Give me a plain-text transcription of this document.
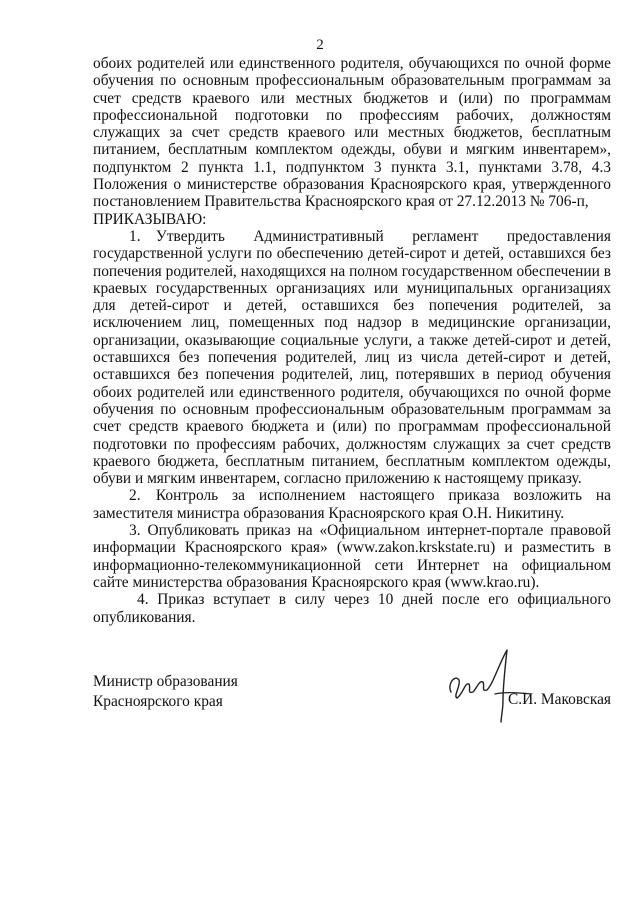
2

обоих родителей или единственного родителя, обучающихся по очной форме обучения по основным профессиональным образовательным программам за счет средств краевого или местных бюджетов и (или) по программам профессиональной подготовки по профессиям рабочих, должностям служащих за счет средств краевого или местных бюджетов, бесплатным питанием, бесплатным комплектом одежды, обуви и мягким инвентарем», подпунктом 2 пункта 1.1, подпунктом 3 пункта 3.1, пунктами 3.78, 4.3 Положения о министерстве образования Красноярского края, утвержденного постановлением Правительства Красноярского края от 27.12.2013 № 706-п,

ПРИКАЗЫВАЮ:

1. Утвердить Административный регламент предоставления государственной услуги по обеспечению детей-сирот и детей, оставшихся без попечения родителей, находящихся на полном государственном обеспечении в краевых государственных организациях или муниципальных организациях для детей-сирот и детей, оставшихся без попечения родителей, за исключением лиц, помещенных под надзор в медицинские организации, организации, оказывающие социальные услуги, а также детей-сирот и детей, оставшихся без попечения родителей, лиц из числа детей-сирот и детей, оставшихся без попечения родителей, лиц, потерявших в период обучения обоих родителей или единственного родителя, обучающихся по очной форме обучения по основным профессиональным образовательным программам за счет средств краевого бюджета и (или) по программам профессиональной подготовки по профессиям рабочих, должностям служащих за счет средств краевого бюджета, бесплатным питанием, бесплатным комплектом одежды, обуви и мягким инвентарем, согласно приложению к настоящему приказу.

2. Контроль за исполнением настоящего приказа возложить на заместителя министра образования Красноярского края О.Н. Никитину.

3. Опубликовать приказ на «Официальном интернет-портале правовой информации Красноярского края» (www.zakon.krskstate.ru) и разместить в информационно-телекоммуникационной сети Интернет на официальном сайте министерства образования Красноярского края (www.krao.ru).

4. Приказ вступает в силу через 10 дней после его официального опубликования.

Министр образования
Красноярского края	С.И. Маковская
